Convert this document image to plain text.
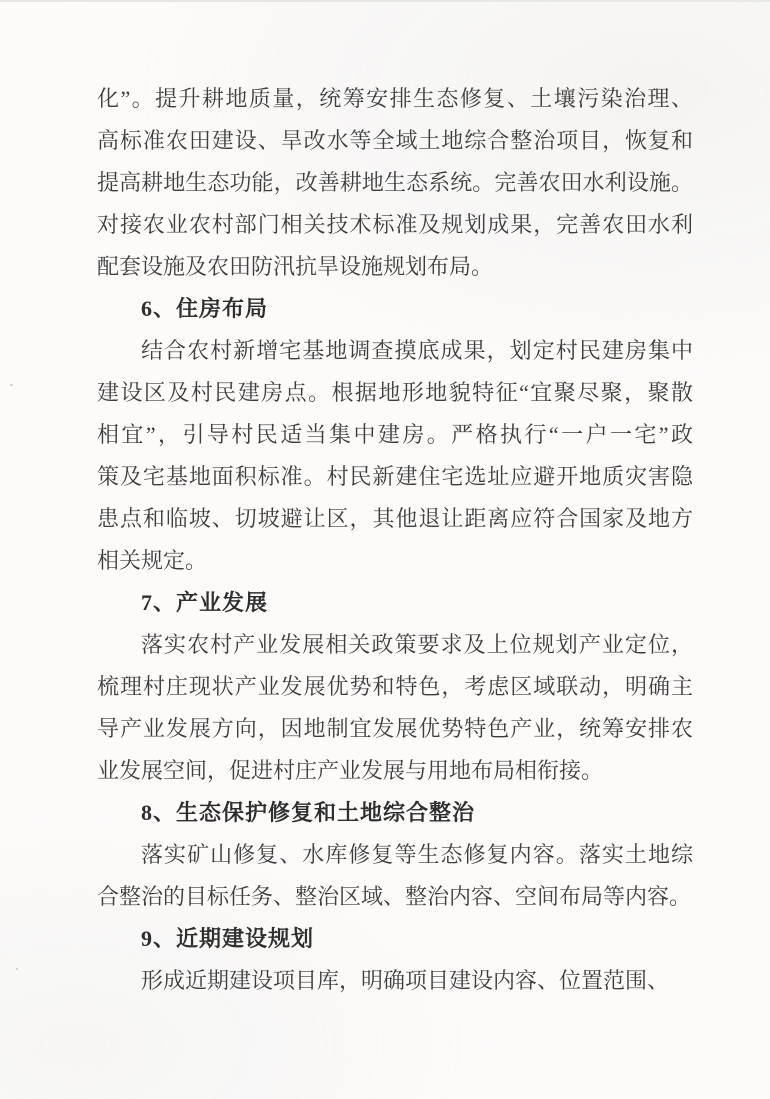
化”。提升耕地质量，统筹安排生态修复、土壤污染治理、
高标准农田建设、旱改水等全域土地综合整治项目，恢复和
提高耕地生态功能，改善耕地生态系统。完善农田水利设施。
对接农业农村部门相关技术标准及规划成果，完善农田水利
配套设施及农田防汛抗旱设施规划布局。
6、住房布局
结合农村新增宅基地调查摸底成果，划定村民建房集中
建设区及村民建房点。根据地形地貌特征“宜聚尽聚，聚散
相宜”，引导村民适当集中建房。严格执行“一户一宅”政
策及宅基地面积标准。村民新建住宅选址应避开地质灾害隐
患点和临坡、切坡避让区，其他退让距离应符合国家及地方
相关规定。
7、产业发展
落实农村产业发展相关政策要求及上位规划产业定位，
梳理村庄现状产业发展优势和特色，考虑区域联动，明确主
导产业发展方向，因地制宜发展优势特色产业，统筹安排农
业发展空间，促进村庄产业发展与用地布局相衔接。
8、生态保护修复和土地综合整治
落实矿山修复、水库修复等生态修复内容。落实土地综
合整治的目标任务、整治区域、整治内容、空间布局等内容。
9、近期建设规划
形成近期建设项目库，明确项目建设内容、位置范围、
